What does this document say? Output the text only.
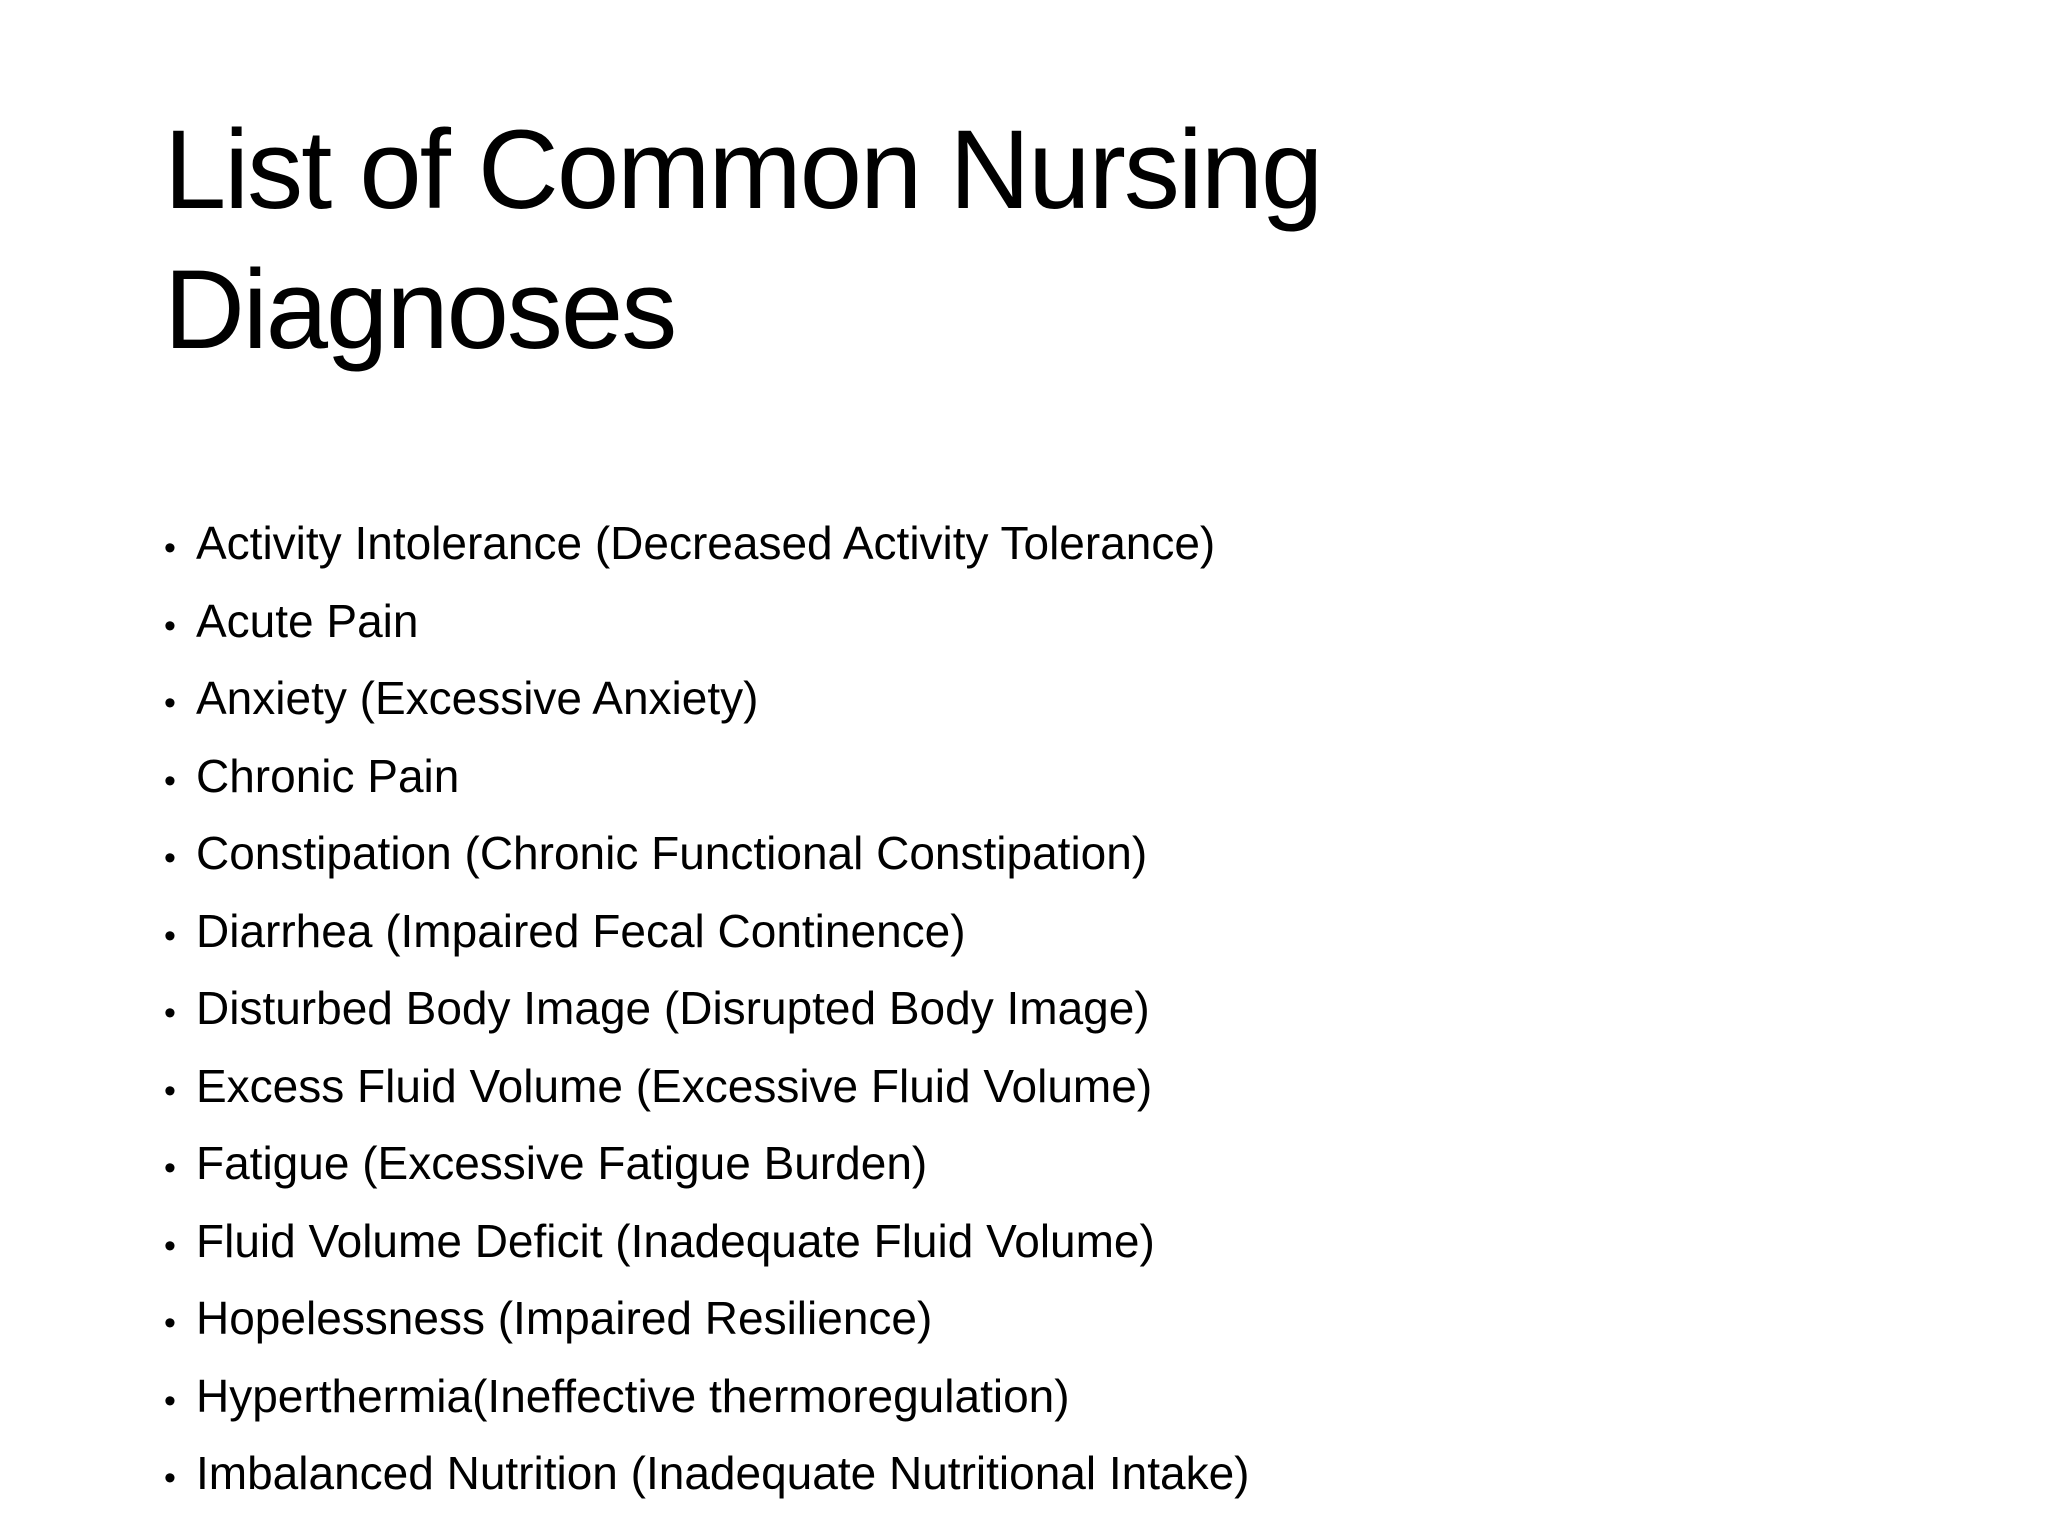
List of Common Nursing Diagnoses
• Activity Intolerance (Decreased Activity Tolerance)
• Acute Pain
• Anxiety (Excessive Anxiety)
• Chronic Pain
• Constipation (Chronic Functional Constipation)
• Diarrhea (Impaired Fecal Continence)
• Disturbed Body Image (Disrupted Body Image)
• Excess Fluid Volume (Excessive Fluid Volume)
• Fatigue (Excessive Fatigue Burden)
• Fluid Volume Deficit (Inadequate Fluid Volume)
• Hopelessness (Impaired Resilience)
• Hyperthermia(Ineffective thermoregulation)
• Imbalanced Nutrition (Inadequate Nutritional Intake)
